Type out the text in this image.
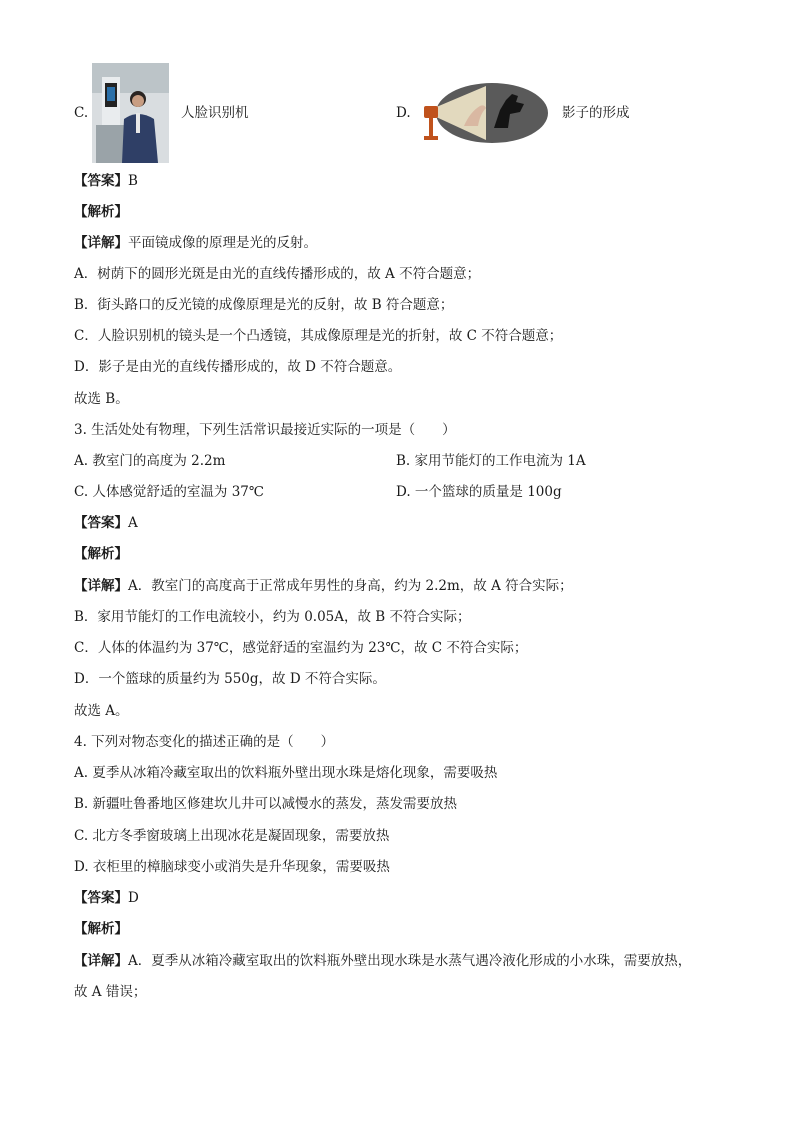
C.	人脸识别机	D.	影子的形成
【答案】B
【解析】
【详解】平面镜成像的原理是光的反射。
A．树荫下的圆形光斑是由光的直线传播形成的，故 A 不符合题意；
B．街头路口的反光镜的成像原理是光的反射，故 B 符合题意；
C．人脸识别机的镜头是一个凸透镜，其成像原理是光的折射，故 C 不符合题意；
D．影子是由光的直线传播形成的，故 D 不符合题意。
故选 B。
3. 生活处处有物理，下列生活常识最接近实际的一项是（　　）
A. 教室门的高度为 2.2m	B. 家用节能灯的工作电流为 1A
C. 人体感觉舒适的室温为 37℃	D. 一个篮球的质量是 100g
【答案】A
【解析】
【详解】A．教室门的高度高于正常成年男性的身高，约为 2.2m，故 A 符合实际；
B．家用节能灯的工作电流较小，约为 0.05A，故 B 不符合实际；
C．人体的体温约为 37℃，感觉舒适的室温约为 23℃，故 C 不符合实际；
D．一个篮球的质量约为 550g，故 D 不符合实际。
故选 A。
4. 下列对物态变化的描述正确的是（　　）
A. 夏季从冰箱冷藏室取出的饮料瓶外壁出现水珠是熔化现象，需要吸热
B. 新疆吐鲁番地区修建坎儿井可以减慢水的蒸发，蒸发需要放热
C. 北方冬季窗玻璃上出现冰花是凝固现象，需要放热
D. 衣柜里的樟脑球变小或消失是升华现象，需要吸热
【答案】D
【解析】
【详解】A．夏季从冰箱冷藏室取出的饮料瓶外壁出现水珠是水蒸气遇冷液化形成的小水珠，需要放热，
故 A 错误；
